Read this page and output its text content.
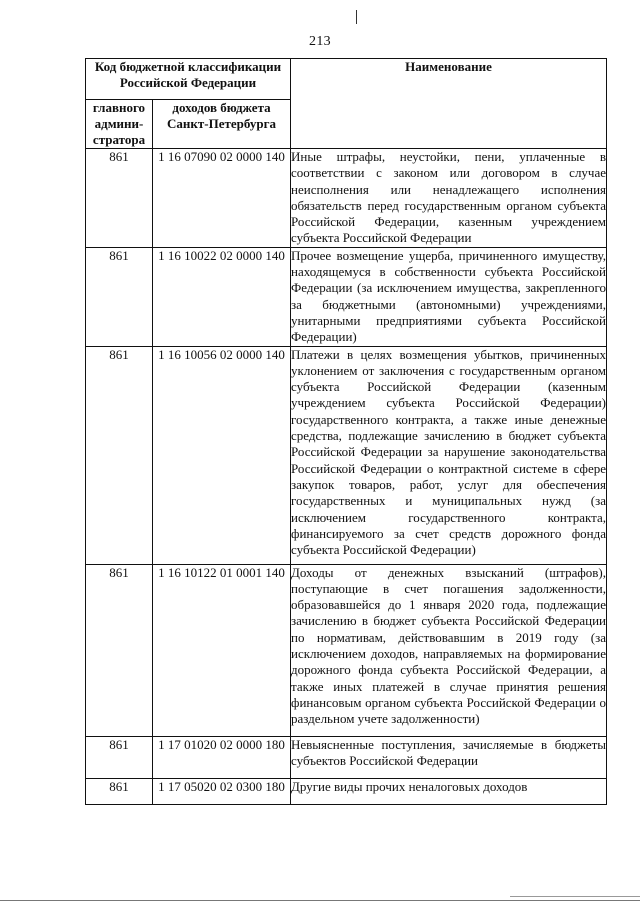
213
Код бюджетной классификации Российской Федерации		Наименование
главного админи-стратора	доходов бюджета Санкт-Петербурга	
861	1 16 07090 02 0000 140	Иные штрафы, неустойки, пени, уплаченные в соответствии с законом или договором в случае неисполнения или ненадлежащего исполнения обязательств перед государственным органом субъекта Российской Федерации, казенным учреждением субъекта Российской Федерации
861	1 16 10022 02 0000 140	Прочее возмещение ущерба, причиненного имуществу, находящемуся в собственности субъекта Российской Федерации (за исключением имущества, закрепленного за бюджетными (автономными) учреждениями, унитарными предприятиями субъекта Российской Федерации)
861	1 16 10056 02 0000 140	Платежи в целях возмещения убытков, причиненных уклонением от заключения с государственным органом субъекта Российской Федерации (казенным учреждением субъекта Российской Федерации) государственного контракта, а также иные денежные средства, подлежащие зачислению в бюджет субъекта Российской Федерации за нарушение законодательства Российской Федерации о контрактной системе в сфере закупок товаров, работ, услуг для обеспечения государственных и муниципальных нужд (за исключением государственного контракта, финансируемого за счет средств дорожного фонда субъекта Российской Федерации)
861	1 16 10122 01 0001 140	Доходы от денежных взысканий (штрафов), поступающие в счет погашения задолженности, образовавшейся до 1 января 2020 года, подлежащие зачислению в бюджет субъекта Российской Федерации по нормативам, действовавшим в 2019 году (за исключением доходов, направляемых на формирование дорожного фонда субъекта Российской Федерации, а также иных платежей в случае принятия решения финансовым органом субъекта Российской Федерации о раздельном учете задолженности)
861	1 17 01020 02 0000 180	Невыясненные поступления, зачисляемые в бюджеты субъектов Российской Федерации
861	1 17 05020 02 0300 180	Другие виды прочих неналоговых доходов
